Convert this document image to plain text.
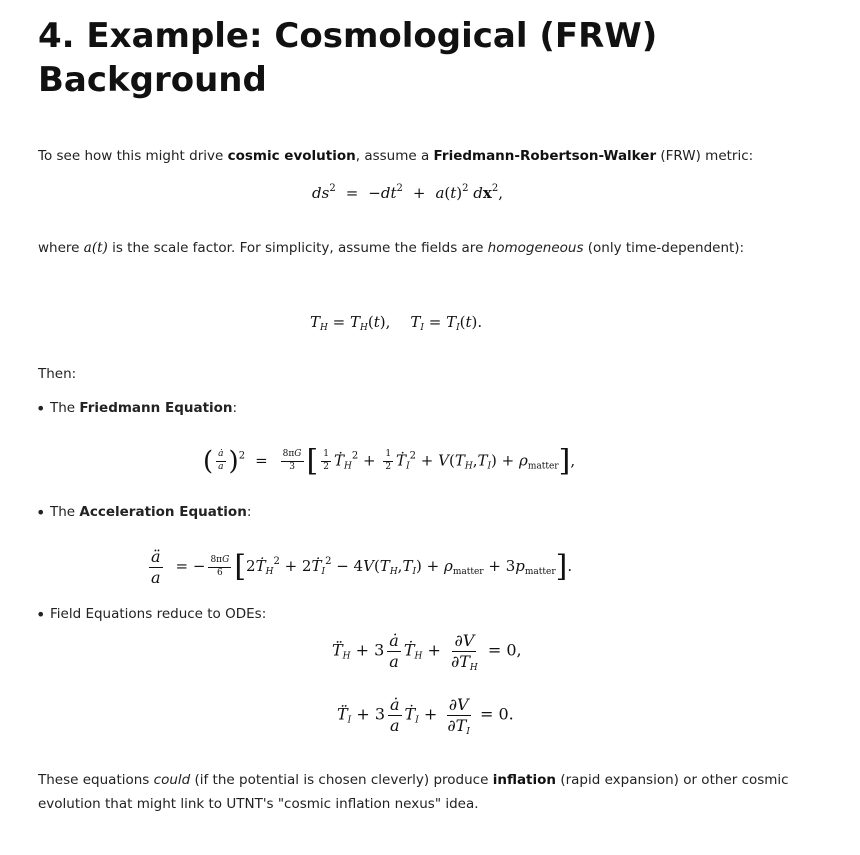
4. Example: Cosmological (FRW) Background
To see how this might drive cosmic evolution, assume a Friedmann-Robertson-Walker (FRW) metric:
$ds^2 = -dt^2 + a(t)^2$ $dx^2$,
where a(t) is the scale factor. For simplicity, assume the fields are homogeneous (only time-dependent):
$T_H = T_H(t)$, $T_I = T_I(t)$.
Then:
• The Friedmann Equation:
( $\frac{ȧ}{a} )^2 = \frac{8\pi G}{3}$ [ $\frac{1}{2}$ Ṫ$_H^2$ + $\frac{1}{2}$ Ṫ$_I^2$ + $V(T_H,T_I) + \rho_{matter}$],
• The Acceleration Equation:
$\frac{ä}{a}$ = − $\frac{8\pi G}{6}$ [2Ṫ$_H^2$ + 2Ṫ$_I^2$ − $4V(T_H,T_I) + \rho_{matter} + 3p_{matter}$].
• Field Equations reduce to ODEs:
$T̈_H + 3 \frac{ȧ}{a}$ Ṫ$_H$ + $\frac{\partial V}{\partial T_H} = 0$,
$T̈_I + 3 \frac{ȧ}{a}$ Ṫ$_I$ + $\frac{\partial V}{\partial T_I} = 0$.
These equations could (if the potential is chosen cleverly) produce inflation (rapid expansion) or other cosmic evolution that might link to UTNT's "cosmic inflation nexus" idea.
